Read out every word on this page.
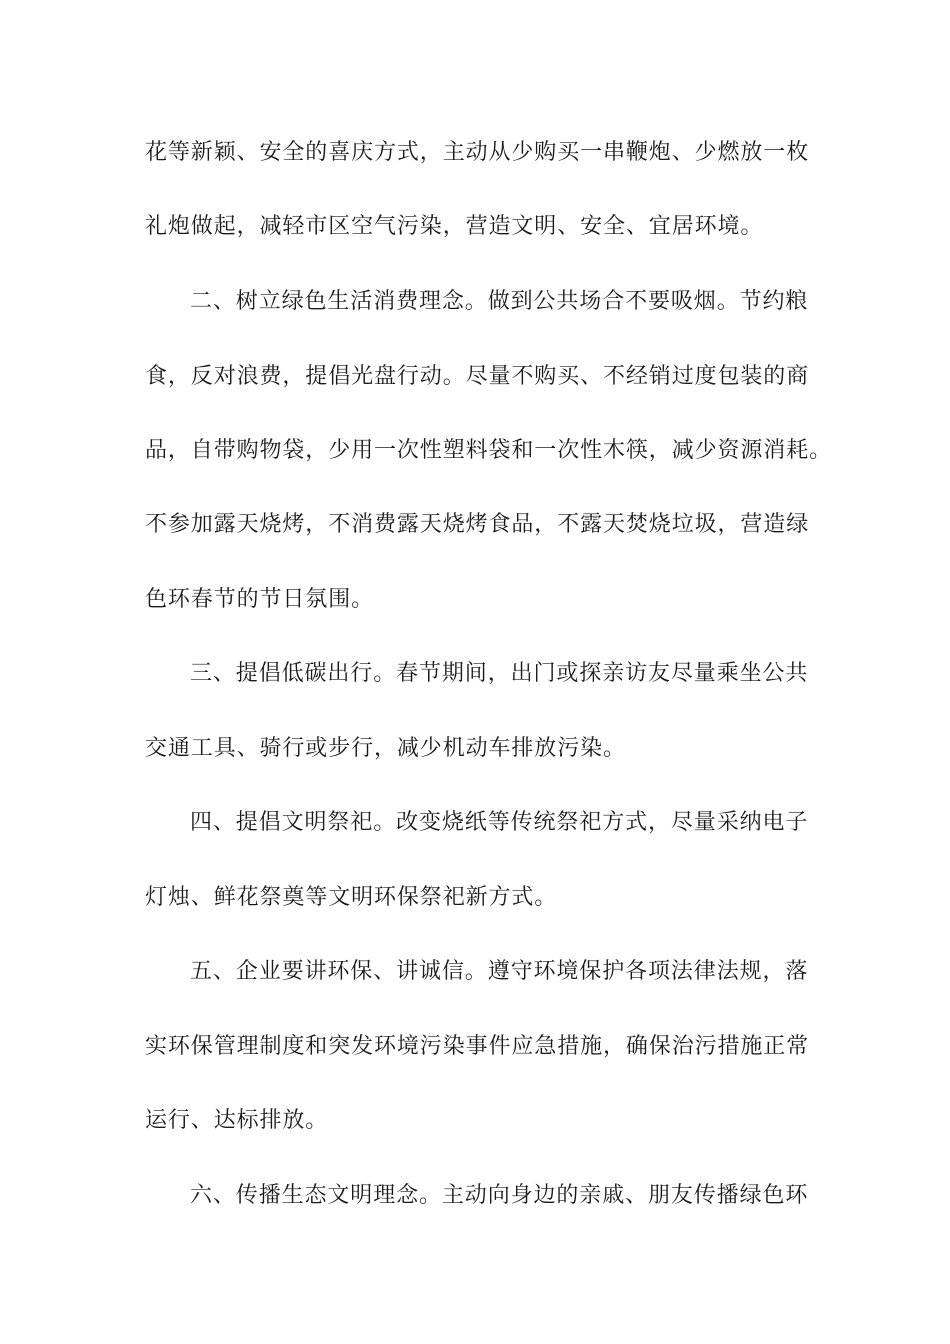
花等新颖、安全的喜庆方式，主动从少购买一串鞭炮、少燃放一枚

礼炮做起，减轻市区空气污染，营造文明、安全、宜居环境。

二、树立绿色生活消费理念。做到公共场合不要吸烟。节约粮

食，反对浪费，提倡光盘行动。尽量不购买、不经销过度包装的商

品，自带购物袋，少用一次性塑料袋和一次性木筷，减少资源消耗。

不参加露天烧烤，不消费露天烧烤食品，不露天焚烧垃圾，营造绿

色环春节的节日氛围。

三、提倡低碳出行。春节期间，出门或探亲访友尽量乘坐公共

交通工具、骑行或步行，减少机动车排放污染。

四、提倡文明祭祀。改变烧纸等传统祭祀方式，尽量采纳电子

灯烛、鲜花祭奠等文明环保祭祀新方式。

五、企业要讲环保、讲诚信。遵守环境保护各项法律法规，落

实环保管理制度和突发环境污染事件应急措施，确保治污措施正常

运行、达标排放。

六、传播生态文明理念。主动向身边的亲戚、朋友传播绿色环
